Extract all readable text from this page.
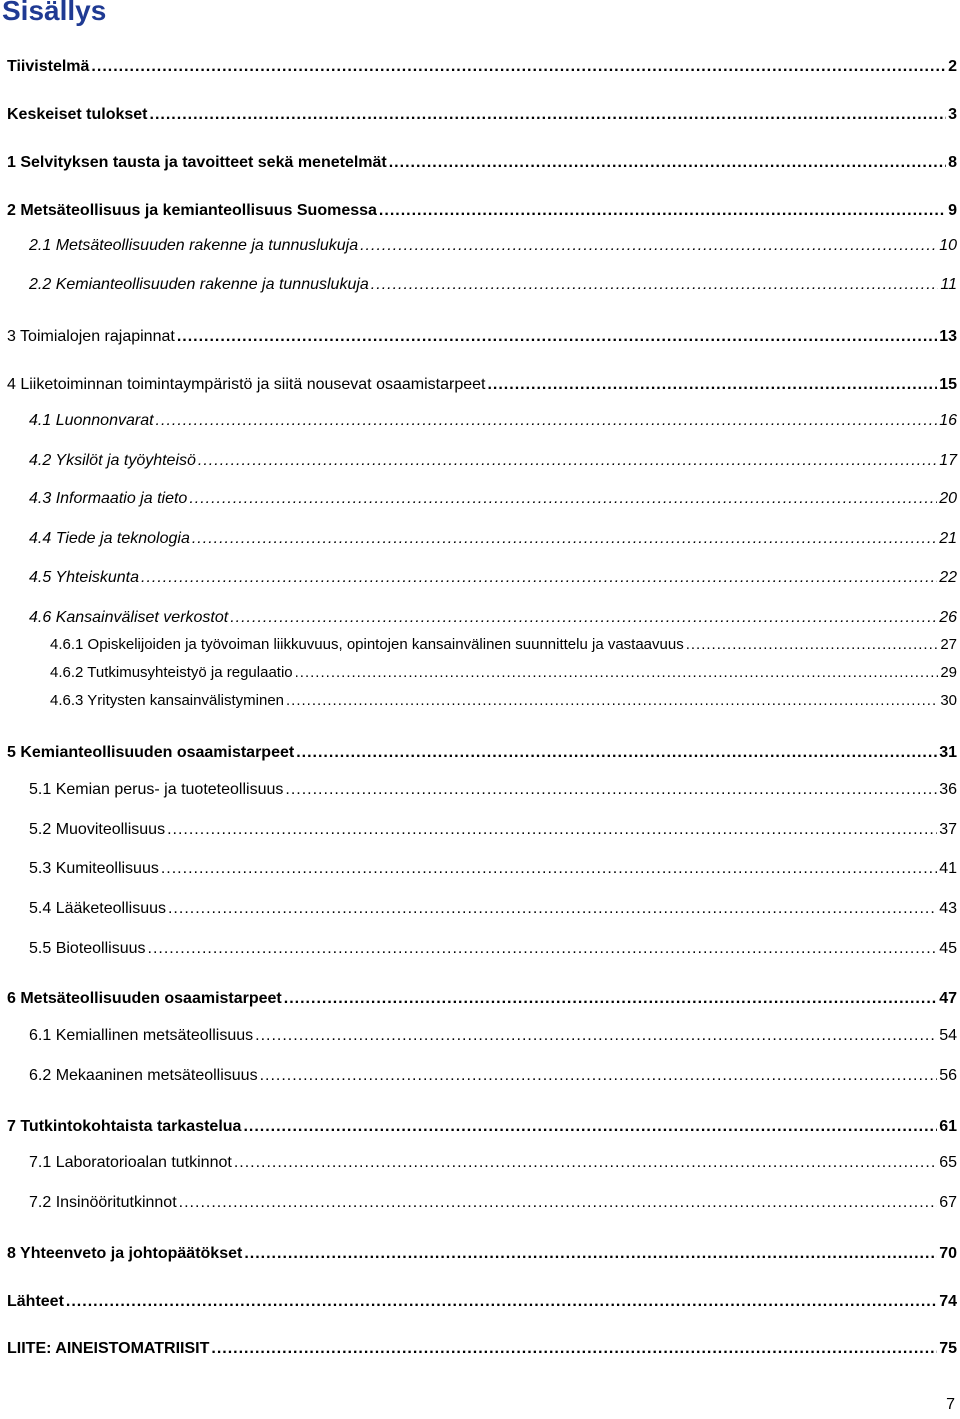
Sisällys
Tiivistelmä .....	2
Keskeiset tulokset .....	3
1 Selvityksen tausta ja tavoitteet sekä menetelmät .....	8
2 Metsäteollisuus ja kemianteollisuus Suomessa .....	9
2.1 Metsäteollisuuden rakenne ja tunnuslukuja .....	10
2.2 Kemianteollisuuden rakenne ja tunnuslukuja .....	11
3 Toimialojen rajapinnat .....	13
4 Liiketoiminnan toimintaympäristö ja siitä nousevat osaamistarpeet .....	15
4.1 Luonnonvarat .....	16
4.2 Yksilöt ja työyhteisö .....	17
4.3 Informaatio ja tieto .....	20
4.4 Tiede ja teknologia .....	21
4.5 Yhteiskunta .....	22
4.6 Kansainväliset verkostot .....	26
4.6.1 Opiskelijoiden ja työvoiman liikkuvuus, opintojen kansainvälinen suunnittelu ja vastaavuus .....	27
4.6.2 Tutkimusyhteistyö ja regulaatio .....	29
4.6.3 Yritysten kansainvälistyminen .....	30
5 Kemianteollisuuden osaamistarpeet .....	31
5.1 Kemian perus- ja tuoteteollisuus .....	36
5.2 Muoviteollisuus .....	37
5.3 Kumiteollisuus .....	41
5.4 Lääketeollisuus .....	43
5.5 Bioteollisuus .....	45
6 Metsäteollisuuden osaamistarpeet .....	47
6.1 Kemiallinen metsäteollisuus .....	54
6.2 Mekaaninen metsäteollisuus .....	56
7 Tutkintokohtaista tarkastelua .....	61
7.1 Laboratorioalan tutkinnot .....	65
7.2 Insinööritutkinnot .....	67
8 Yhteenveto ja johtopäätökset .....	70
Lähteet .....	74
LIITE: AINEISTOMATRIISIT .....	75
7
